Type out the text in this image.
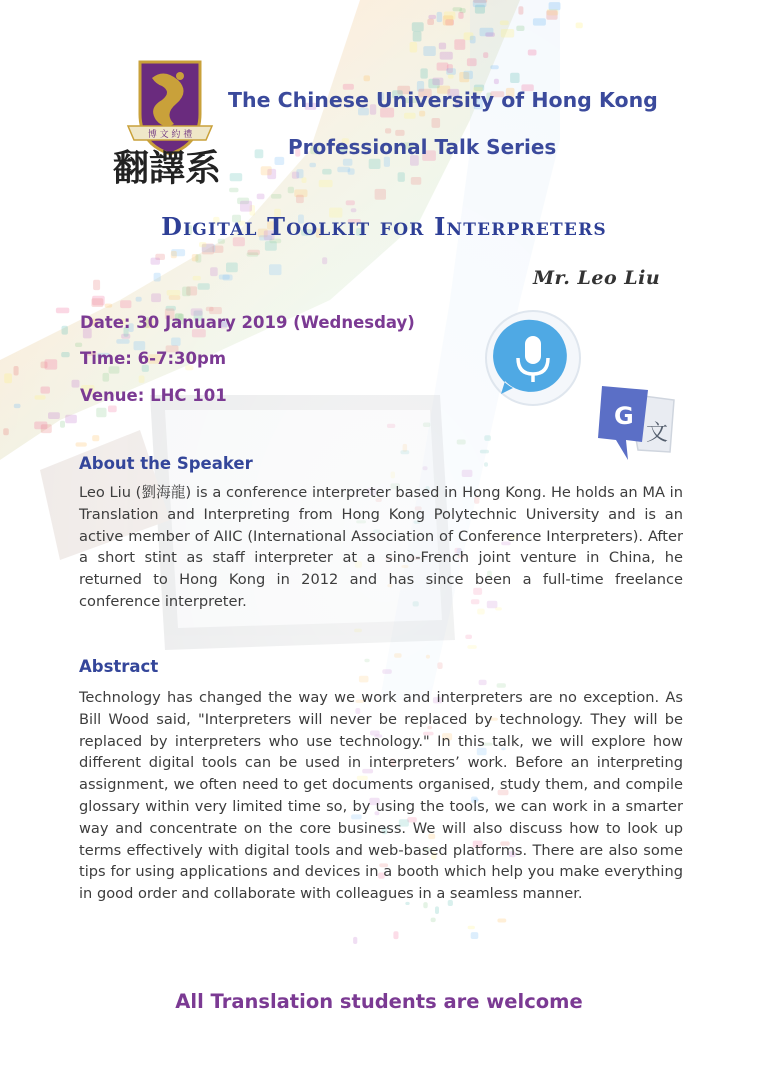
博 文 約 禮
翻譯系
The Chinese University of Hong Kong
Professional Talk Series
Digital Toolkit for Interpreters
Mr. Leo Liu
Date: 30 January 2019 (Wednesday)
Time: 6-7:30pm
Venue: LHC 101
G
文
About the Speaker
Leo Liu (劉海龍) is a conference interpreter based in Hong Kong. He holds an MA in Translation and Interpreting from Hong Kong Polytechnic University and is an active member of AIIC (International Association of Conference Interpreters). After a short stint as staff interpreter at a sino-French joint venture in China, he returned to Hong Kong in 2012 and has since been a full-time freelance conference interpreter.
Abstract
Technology has changed the way we work and interpreters are no exception. As Bill Wood said, "Interpreters will never be replaced by technology. They will be replaced by interpreters who use technology." In this talk, we will explore how different digital tools can be used in interpreters’ work. Before an interpreting assignment, we often need to get documents organised, study them, and compile glossary within very limited time so, by using the tools, we can work in a smarter way and concentrate on the core business. We will also discuss how to look up terms effectively with digital tools and web-based platforms. There are also some tips for using applications and devices in a booth which help you make everything in good order and collaborate with colleagues in a seamless manner.
All Translation students are welcome
